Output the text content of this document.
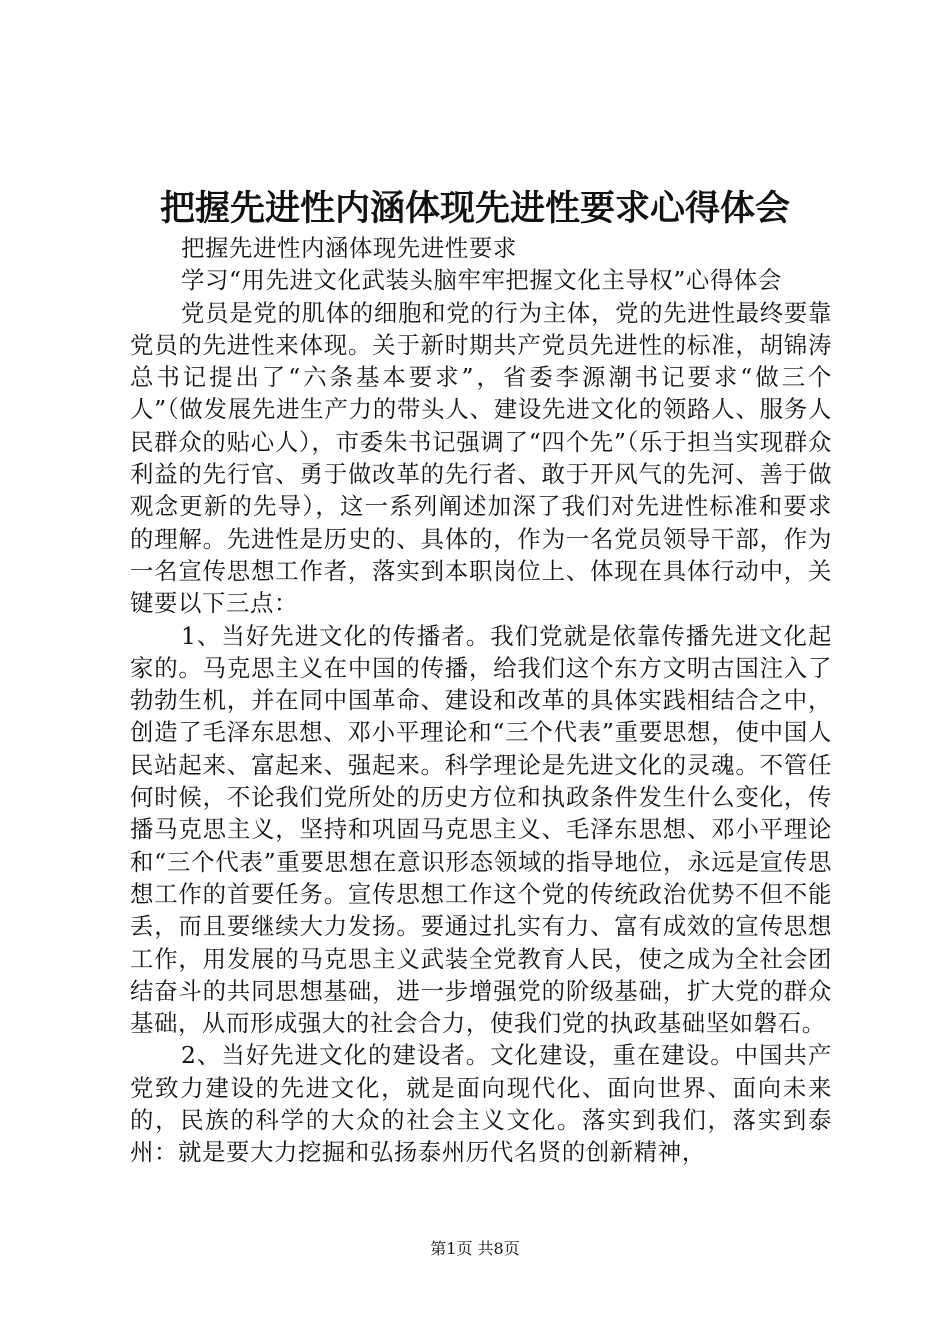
把握先进性内涵体现先进性要求心得体会

把握先进性内涵体现先进性要求

学习“用先进文化武装头脑牢牢把握文化主导权”心得体会

党员是党的肌体的细胞和党的行为主体，党的先进性最终要靠党员的先进性来体现。关于新时期共产党员先进性的标准，胡锦涛总书记提出了“六条基本要求”，省委李源潮书记要求“做三个人”（做发展先进生产力的带头人、建设先进文化的领路人、服务人民群众的贴心人），市委朱书记强调了“四个先”（乐于担当实现群众利益的先行官、勇于做改革的先行者、敢于开风气的先河、善于做观念更新的先导），这一系列阐述加深了我们对先进性标准和要求的理解。先进性是历史的、具体的，作为一名党员领导干部，作为一名宣传思想工作者，落实到本职岗位上、体现在具体行动中，关键要以下三点：

1、当好先进文化的传播者。我们党就是依靠传播先进文化起家的。马克思主义在中国的传播，给我们这个东方文明古国注入了勃勃生机，并在同中国革命、建设和改革的具体实践相结合之中，创造了毛泽东思想、邓小平理论和“三个代表”重要思想，使中国人民站起来、富起来、强起来。科学理论是先进文化的灵魂。不管任何时候，不论我们党所处的历史方位和执政条件发生什么变化，传播马克思主义，坚持和巩固马克思主义、毛泽东思想、邓小平理论和“三个代表”重要思想在意识形态领域的指导地位，永远是宣传思想工作的首要任务。宣传思想工作这个党的传统政治优势不但不能丢，而且要继续大力发扬。要通过扎实有力、富有成效的宣传思想工作，用发展的马克思主义武装全党教育人民，使之成为全社会团结奋斗的共同思想基础，进一步增强党的阶级基础，扩大党的群众基础，从而形成强大的社会合力，使我们党的执政基础坚如磐石。

2、当好先进文化的建设者。文化建设，重在建设。中国共产党致力建设的先进文化，就是面向现代化、面向世界、面向未来的，民族的科学的大众的社会主义文化。落实到我们，落实到泰州：就是要大力挖掘和弘扬泰州历代名贤的创新精神，

第1页 共8页
